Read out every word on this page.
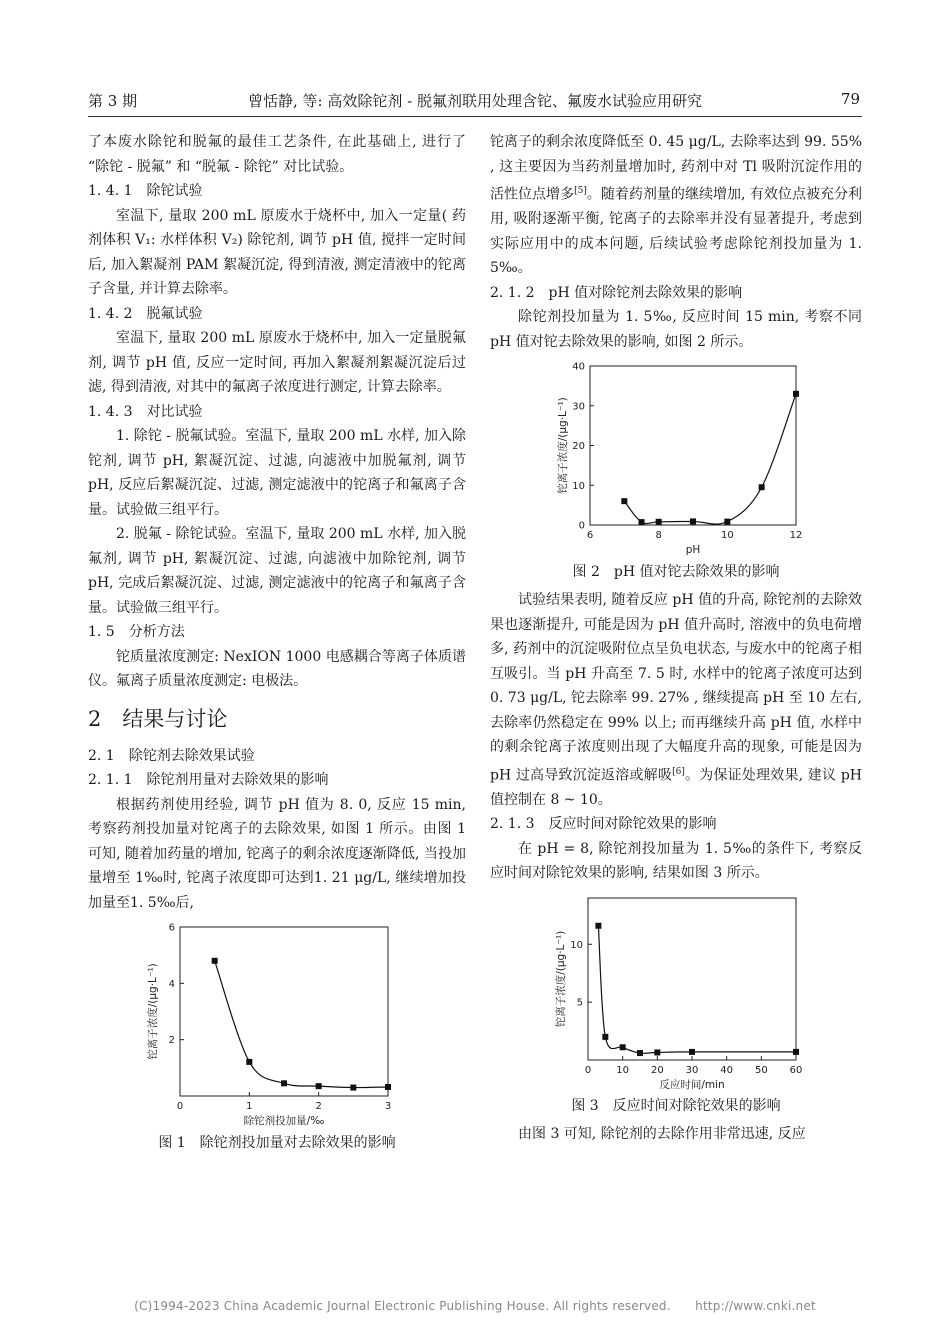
第 3 期	曾恬静, 等: 高效除铊剂 - 脱氟剂联用处理含铊、氟废水试验应用研究	79

了本废水除铊和脱氟的最佳工艺条件, 在此基础上, 进行了 “除铊 - 脱氟” 和 “脱氟 - 除铊” 对比试验。

1. 4. 1　除铊试验

室温下, 量取 200 mL 原废水于烧杯中, 加入一定量( 药剂体积 V₁: 水样体积 V₂) 除铊剂, 调节 pH 值, 搅拌一定时间后, 加入絮凝剂 PAM 絮凝沉淀, 得到清液, 测定清液中的铊离子含量, 并计算去除率。

1. 4. 2　脱氟试验

室温下, 量取 200 mL 原废水于烧杯中, 加入一定量脱氟剂, 调节 pH 值, 反应一定时间, 再加入絮凝剂絮凝沉淀后过滤, 得到清液, 对其中的氟离子浓度进行测定, 计算去除率。

1. 4. 3　对比试验

1. 除铊 - 脱氟试验。室温下, 量取 200 mL 水样, 加入除铊剂, 调节 pH, 絮凝沉淀、过滤, 向滤液中加脱氟剂, 调节 pH, 反应后絮凝沉淀、过滤, 测定滤液中的铊离子和氟离子含量。试验做三组平行。

2. 脱氟 - 除铊试验。室温下, 量取 200 mL 水样, 加入脱氟剂, 调节 pH, 絮凝沉淀、过滤, 向滤液中加除铊剂, 调节 pH, 完成后絮凝沉淀、过滤, 测定滤液中的铊离子和氟离子含量。试验做三组平行。

1. 5　分析方法

铊质量浓度测定: NexION 1000 电感耦合等离子体质谱仪。氟离子质量浓度测定: 电极法。

2　结果与讨论

2. 1　除铊剂去除效果试验

2. 1. 1　除铊剂用量对去除效果的影响

根据药剂使用经验, 调节 pH 值为 8. 0, 反应 15 min, 考察药剂投加量对铊离子的去除效果, 如图 1 所示。由图 1 可知, 随着加药量的增加, 铊离子的剩余浓度逐渐降低, 当投加量增至 1‰时, 铊离子浓度即可达到1. 21 μg/L, 继续增加投加量至1. 5‰后,

0	1	2	3
2
4
6
除铊剂投加量/‰
铊离子浓度/(μg·L⁻¹)
图 1　除铊剂投加量对去除效果的影响

铊离子的剩余浓度降低至 0. 45 μg/L, 去除率达到 99. 55% , 这主要因为当药剂量增加时, 药剂中对 Tl 吸附沉淀作用的活性位点增多[5]。随着药剂量的继续增加, 有效位点被充分利用, 吸附逐渐平衡, 铊离子的去除率并没有显著提升, 考虑到实际应用中的成本问题, 后续试验考虑除铊剂投加量为 1. 5‰。

2. 1. 2　pH 值对除铊剂去除效果的影响

除铊剂投加量为 1. 5‰, 反应时间 15 min, 考察不同 pH 值对铊去除效果的影响, 如图 2 所示。

6	8	10	12
0
10
20
30
40
pH
铊离子浓度/(μg·L⁻¹)
图 2　pH 值对铊去除效果的影响

试验结果表明, 随着反应 pH 值的升高, 除铊剂的去除效果也逐渐提升, 可能是因为 pH 值升高时, 溶液中的负电荷增多, 药剂中的沉淀吸附位点呈负电状态, 与废水中的铊离子相互吸引。当 pH 升高至 7. 5 时, 水样中的铊离子浓度可达到 0. 73 μg/L, 铊去除率 99. 27% , 继续提高 pH 至 10 左右, 去除率仍然稳定在 99% 以上; 而再继续升高 pH 值, 水样中的剩余铊离子浓度则出现了大幅度升高的现象, 可能是因为 pH 过高导致沉淀返溶或解吸[6]。为保证处理效果, 建议 pH 值控制在 8 ~ 10。

2. 1. 3　反应时间对除铊效果的影响

在 pH = 8, 除铊剂投加量为 1. 5‰的条件下, 考察反应时间对除铊效果的影响, 结果如图 3 所示。

0	10 20 30 40 50 60
5
10
反应时间/min
铊离子浓度/(μg·L⁻¹)
图 3　反应时间对除铊效果的影响

由图 3 可知, 除铊剂的去除作用非常迅速, 反应

(C)1994-2023 China Academic Journal Electronic Publishing House. All rights reserved.　　http://www.cnki.net
